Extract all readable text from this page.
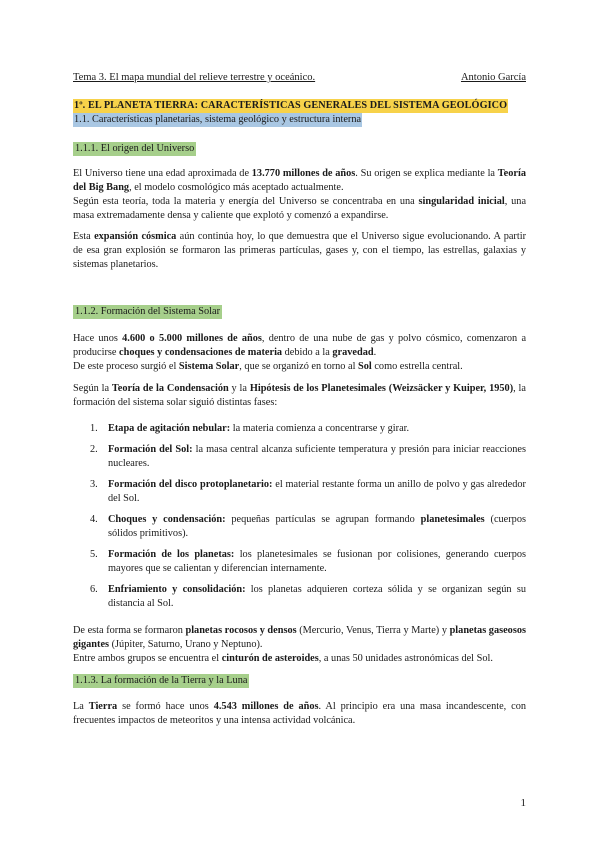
Tema 3. El mapa mundial del relieve terrestre y oceánico.	Antonio García
1º. EL PLANETA TIERRA: CARACTERÍSTICAS GENERALES DEL SISTEMA GEOLÓGICO
1.1. Características planetarias, sistema geológico y estructura interna
1.1.1. El origen del Universo

El Universo tiene una edad aproximada de 13.770 millones de años. Su origen se explica mediante la Teoría del Big Bang, el modelo cosmológico más aceptado actualmente.

Según esta teoría, toda la materia y energía del Universo se concentraba en una singularidad inicial, una masa extremadamente densa y caliente que explotó y comenzó a expandirse.

Esta expansión cósmica aún continúa hoy, lo que demuestra que el Universo sigue evolucionando. A partir de esa gran explosión se formaron las primeras partículas, gases y, con el tiempo, las estrellas, galaxias y sistemas planetarios.

1.1.2. Formación del Sistema Solar

Hace unos 4.600 o 5.000 millones de años, dentro de una nube de gas y polvo cósmico, comenzaron a producirse choques y condensaciones de materia debido a la gravedad.

De este proceso surgió el Sistema Solar, que se organizó en torno al Sol como estrella central.

Según la Teoría de la Condensación y la Hipótesis de los Planetesimales (Weizsäcker y Kuiper, 1950), la formación del sistema solar siguió distintas fases:

1. Etapa de agitación nebular: la materia comienza a concentrarse y girar.
2. Formación del Sol: la masa central alcanza suficiente temperatura y presión para iniciar reacciones nucleares.
3. Formación del disco protoplanetario: el material restante forma un anillo de polvo y gas alrededor del Sol.
4. Choques y condensación: pequeñas partículas se agrupan formando planetesimales (cuerpos sólidos primitivos).
5. Formación de los planetas: los planetesimales se fusionan por colisiones, generando cuerpos mayores que se calientan y diferencian internamente.
6. Enfriamiento y consolidación: los planetas adquieren corteza sólida y se organizan según su distancia al Sol.

De esta forma se formaron planetas rocosos y densos (Mercurio, Venus, Tierra y Marte) y planetas gaseosos gigantes (Júpiter, Saturno, Urano y Neptuno).

Entre ambos grupos se encuentra el cinturón de asteroides, a unas 50 unidades astronómicas del Sol.

1.1.3. La formación de la Tierra y la Luna

La Tierra se formó hace unos 4.543 millones de años. Al principio era una masa incandescente, con frecuentes impactos de meteoritos y una intensa actividad volcánica.

1
